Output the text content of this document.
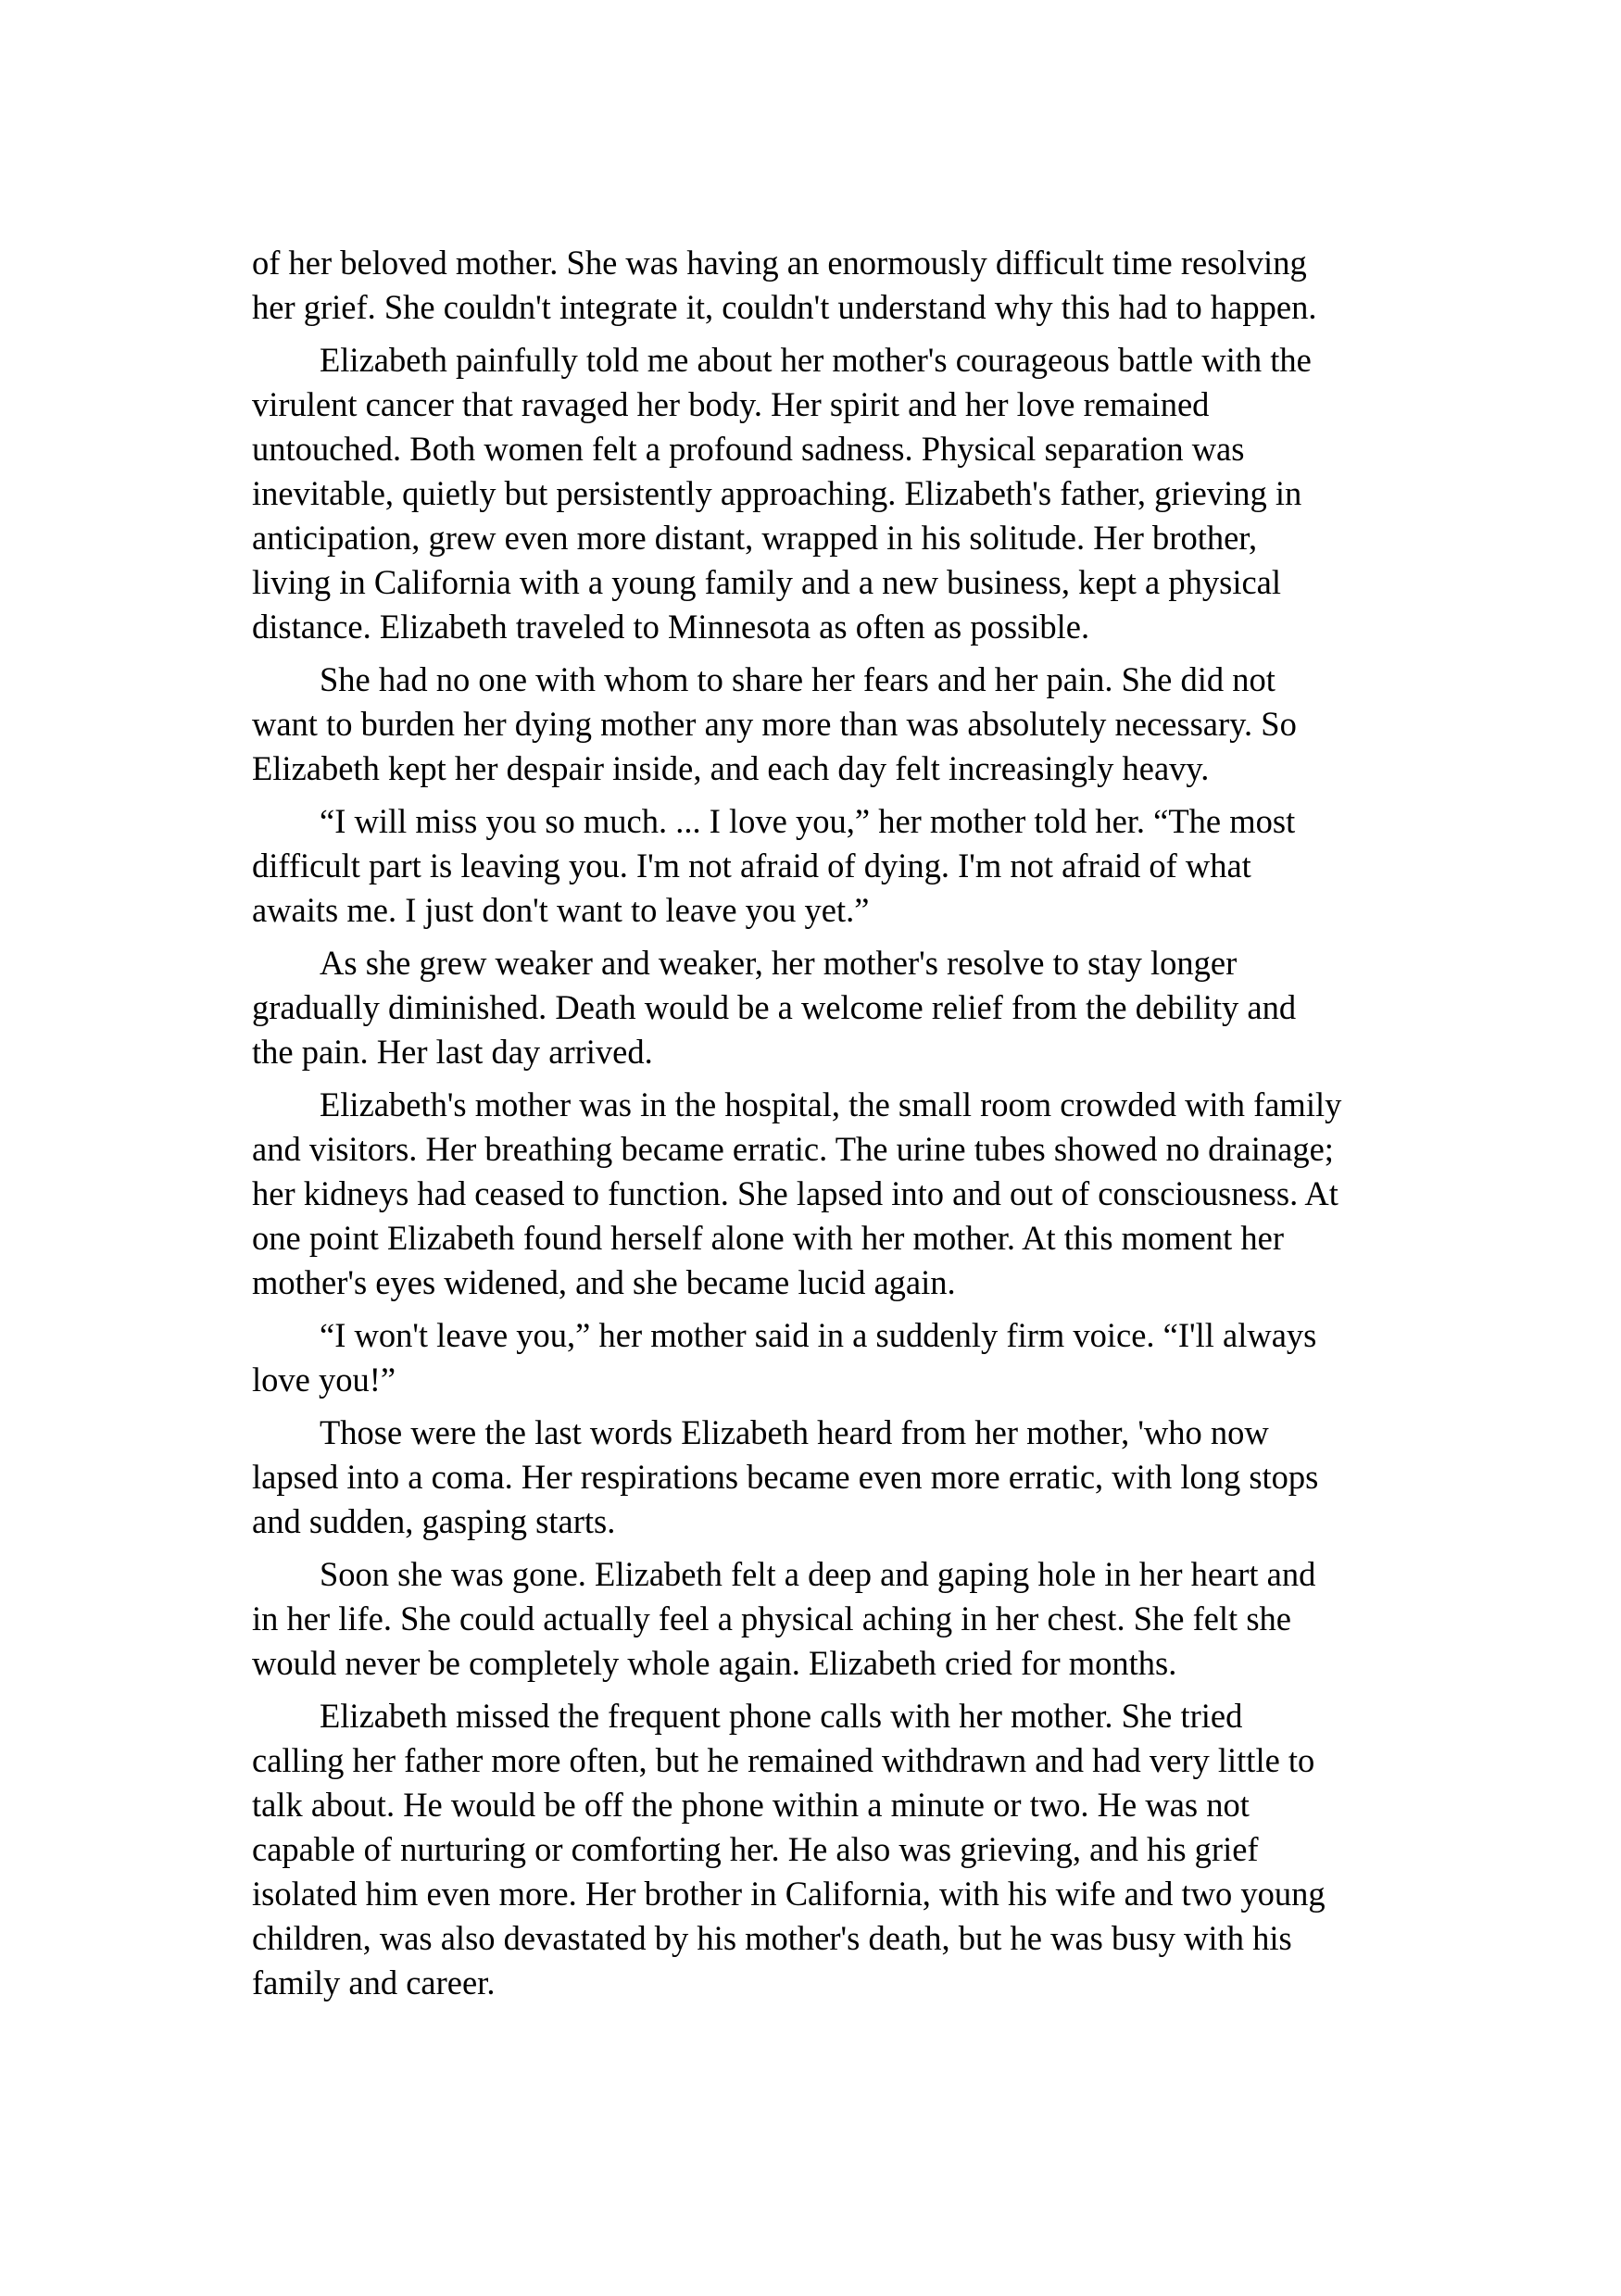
of her beloved mother. She was having an enormously difficult time resolving
her grief. She couldn't integrate it, couldn't understand why this had to happen.

Elizabeth painfully told me about her mother's courageous battle with the
virulent cancer that ravaged her body. Her spirit and her love remained
untouched. Both women felt a profound sadness. Physical separation was
inevitable, quietly but persistently approaching. Elizabeth's father, grieving in
anticipation, grew even more distant, wrapped in his solitude. Her brother,
living in California with a young family and a new business, kept a physical
distance. Elizabeth traveled to Minnesota as often as possible.

She had no one with whom to share her fears and her pain. She did not
want to burden her dying mother any more than was absolutely necessary. So
Elizabeth kept her despair inside, and each day felt increasingly heavy.

“I will miss you so much. ... I love you,” her mother told her. “The most
difficult part is leaving you. I'm not afraid of dying. I'm not afraid of what
awaits me. I just don't want to leave you yet.”

As she grew weaker and weaker, her mother's resolve to stay longer
gradually diminished. Death would be a welcome relief from the debility and
the pain. Her last day arrived.

Elizabeth's mother was in the hospital, the small room crowded with family
and visitors. Her breathing became erratic. The urine tubes showed no drainage;
her kidneys had ceased to function. She lapsed into and out of consciousness. At
one point Elizabeth found herself alone with her mother. At this moment her
mother's eyes widened, and she became lucid again.

“I won't leave you,” her mother said in a suddenly firm voice. “I'll always
love you!”

Those were the last words Elizabeth heard from her mother, 'who now
lapsed into a coma. Her respirations became even more erratic, with long stops
and sudden, gasping starts.

Soon she was gone. Elizabeth felt a deep and gaping hole in her heart and
in her life. She could actually feel a physical aching in her chest. She felt she
would never be completely whole again. Elizabeth cried for months.

Elizabeth missed the frequent phone calls with her mother. She tried
calling her father more often, but he remained withdrawn and had very little to
talk about. He would be off the phone within a minute or two. He was not
capable of nurturing or comforting her. He also was grieving, and his grief
isolated him even more. Her brother in California, with his wife and two young
children, was also devastated by his mother's death, but he was busy with his
family and career.
